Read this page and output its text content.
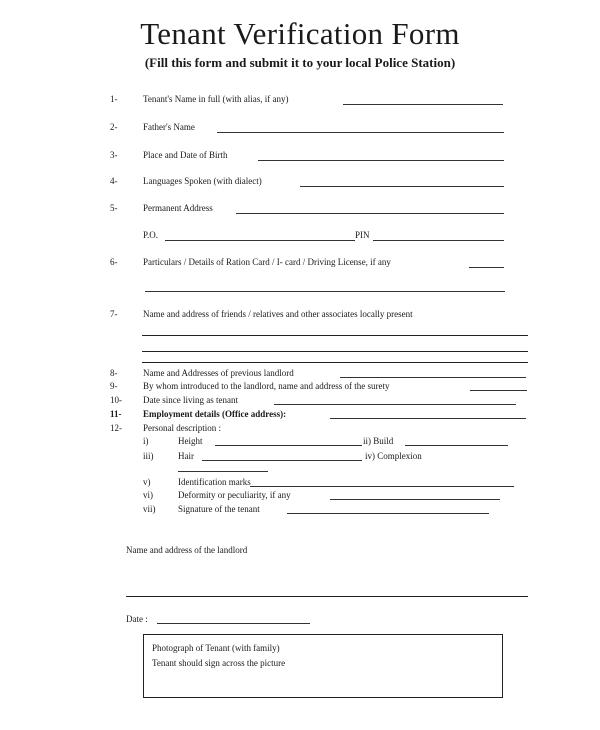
Tenant Verification Form
(Fill this form and submit it to your local Police Station)
1-	Tenant's Name in full (with alias, if any)
2-	Father's Name
3-	Place and Date of Birth
4-	Languages Spoken (with dialect)
5-	Permanent Address
P.O.	PIN
6-	Particulars / Details of Ration Card / I- card / Driving License, if any
7-	Name and address of friends / relatives and other associates locally present
8-	Name and Addresses of previous landlord
9-	By whom introduced to the landlord, name and address of the surety
10- Date since living as tenant
11- Employment details (Office address):
12- Personal description :
i)	Height	ii) Build
iii)	Hair	iv) Complexion
v)	Identification marks
vi)	Deformity or peculiarity, if any
vii)	Signature of the tenant
Name and address of the landlord
Date :
Photograph of Tenant (with family)
Tenant should sign across the picture
